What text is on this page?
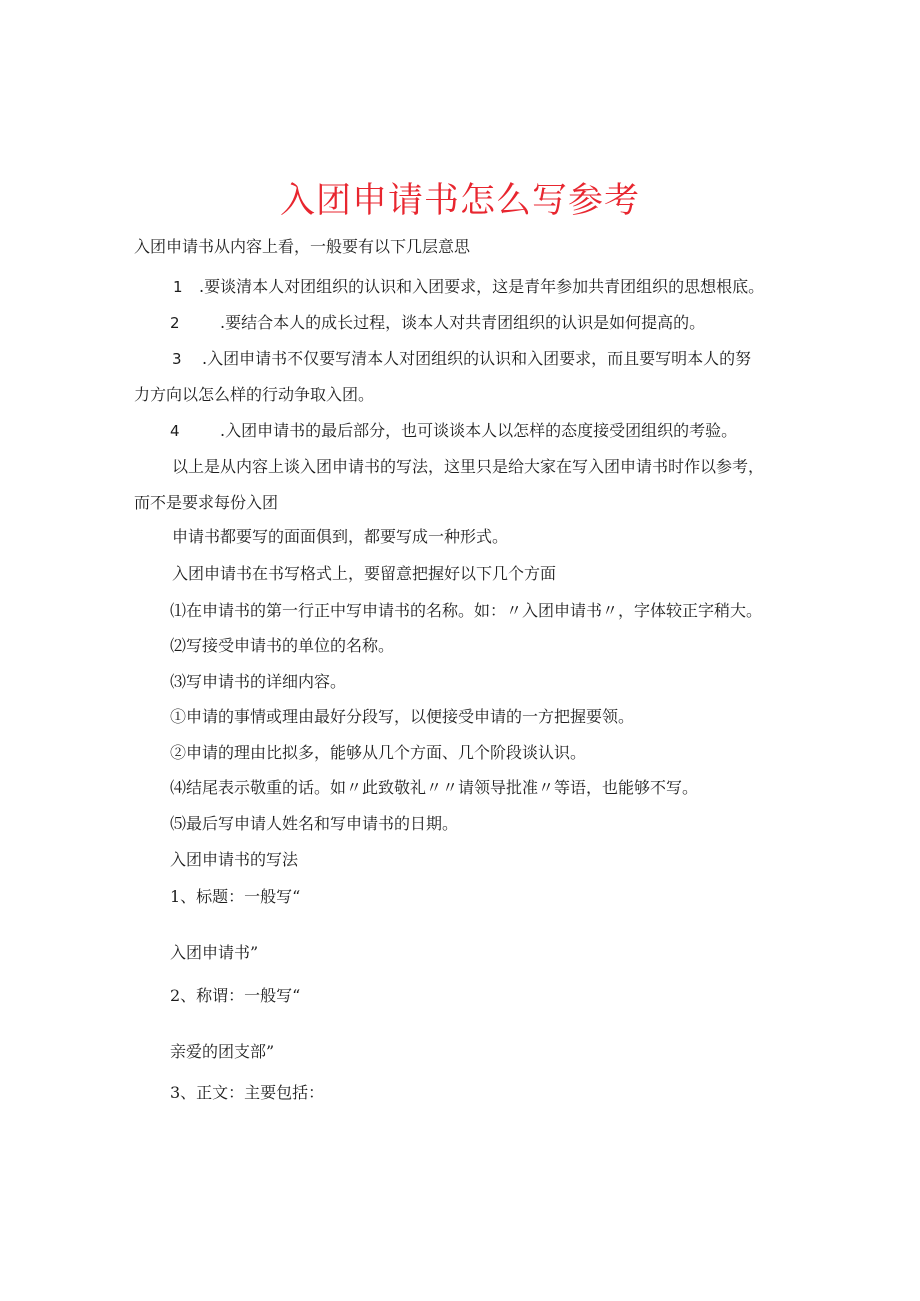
入团申请书怎么写参考
入团申请书从内容上看，一般要有以下几层意思
1 .要谈清本人对团组织的认识和入团要求，这是青年参加共青团组织的思想根底。
2	.要结合本人的成长过程，谈本人对共青团组织的认识是如何提高的。
3 .入团申请书不仅要写清本人对团组织的认识和入团要求，而且要写明本人的努
力方向以怎么样的行动争取入团。
4	.入团申请书的最后部分，也可谈谈本人以怎样的态度接受团组织的考验。
以上是从内容上谈入团申请书的写法，这里只是给大家在写入团申请书时作以参考，
而不是要求每份入团
申请书都要写的面面俱到，都要写成一种形式。
入团申请书在书写格式上，要留意把握好以下几个方面
⑴在申请书的第一行正中写申请书的名称。如：〃入团申请书〃，字体较正字稍大。
⑵写接受申请书的单位的名称。
⑶写申请书的详细内容。
①申请的事情或理由最好分段写，以便接受申请的一方把握要领。
②申请的理由比拟多，能够从几个方面、几个阶段谈认识。
⑷结尾表示敬重的话。如〃此致敬礼〃〃请领导批准〃等语，也能够不写。
⑸最后写申请人姓名和写申请书的日期。
入团申请书的写法
1、标题：一般写“
入团申请书”
2、称谓：一般写“
亲爱的团支部”
3、正文：主要包括：
